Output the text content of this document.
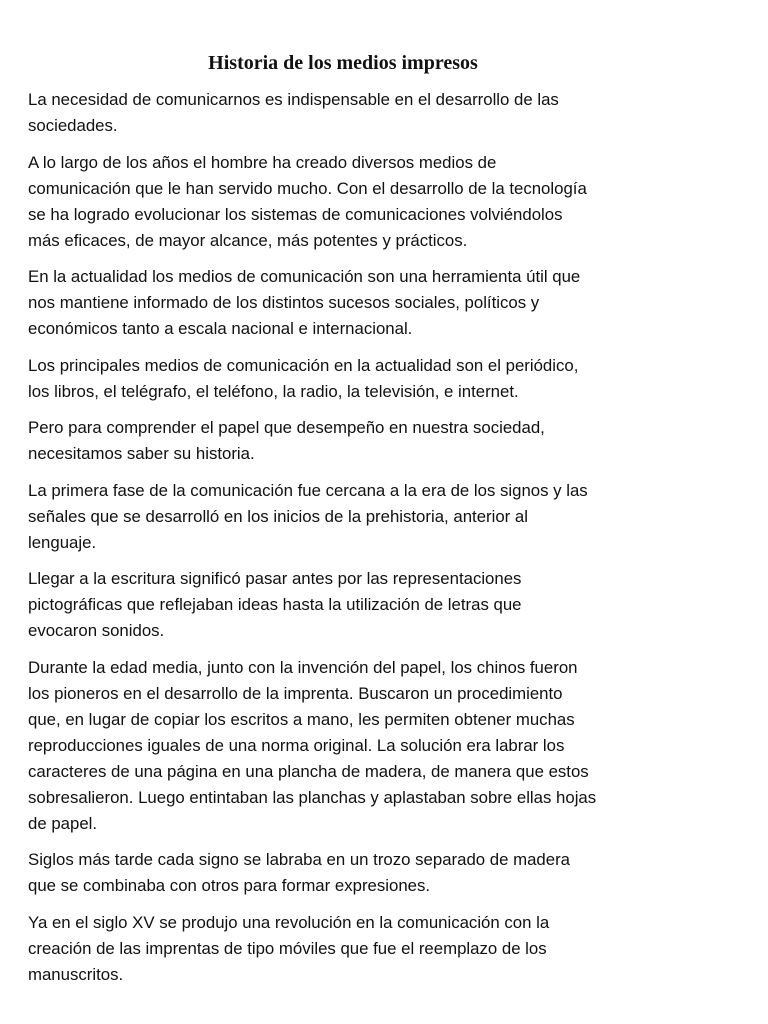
Historia de los medios impresos

La necesidad de comunicarnos es indispensable en el desarrollo de las
sociedades.

A lo largo de los años el hombre ha creado diversos medios de
comunicación que le han servido mucho. Con el desarrollo de la tecnología
se ha logrado evolucionar los sistemas de comunicaciones volviéndolos
más eficaces, de mayor alcance, más potentes y prácticos.

En la actualidad los medios de comunicación son una herramienta útil que
nos mantiene informado de los distintos sucesos sociales, políticos y
económicos tanto a escala nacional e internacional.

Los principales medios de comunicación en la actualidad son el periódico,
los libros, el telégrafo, el teléfono, la radio, la televisión, e internet.

Pero para comprender el papel que desempeño en nuestra sociedad,
necesitamos saber su historia.

La primera fase de la comunicación fue cercana a la era de los signos y las
señales que se desarrolló en los inicios de la prehistoria, anterior al
lenguaje.

Llegar a la escritura significó pasar antes por las representaciones
pictográficas que reflejaban ideas hasta la utilización de letras que
evocaron sonidos.

Durante la edad media, junto con la invención del papel, los chinos fueron
los pioneros en el desarrollo de la imprenta. Buscaron un procedimiento
que, en lugar de copiar los escritos a mano, les permiten obtener muchas
reproducciones iguales de una norma original. La solución era labrar los
caracteres de una página en una plancha de madera, de manera que estos
sobresalieron. Luego entintaban las planchas y aplastaban sobre ellas hojas
de papel.

Siglos más tarde cada signo se labraba en un trozo separado de madera
que se combinaba con otros para formar expresiones.

Ya en el siglo XV se produjo una revolución en la comunicación con la
creación de las imprentas de tipo móviles que fue el reemplazo de los
manuscritos.
